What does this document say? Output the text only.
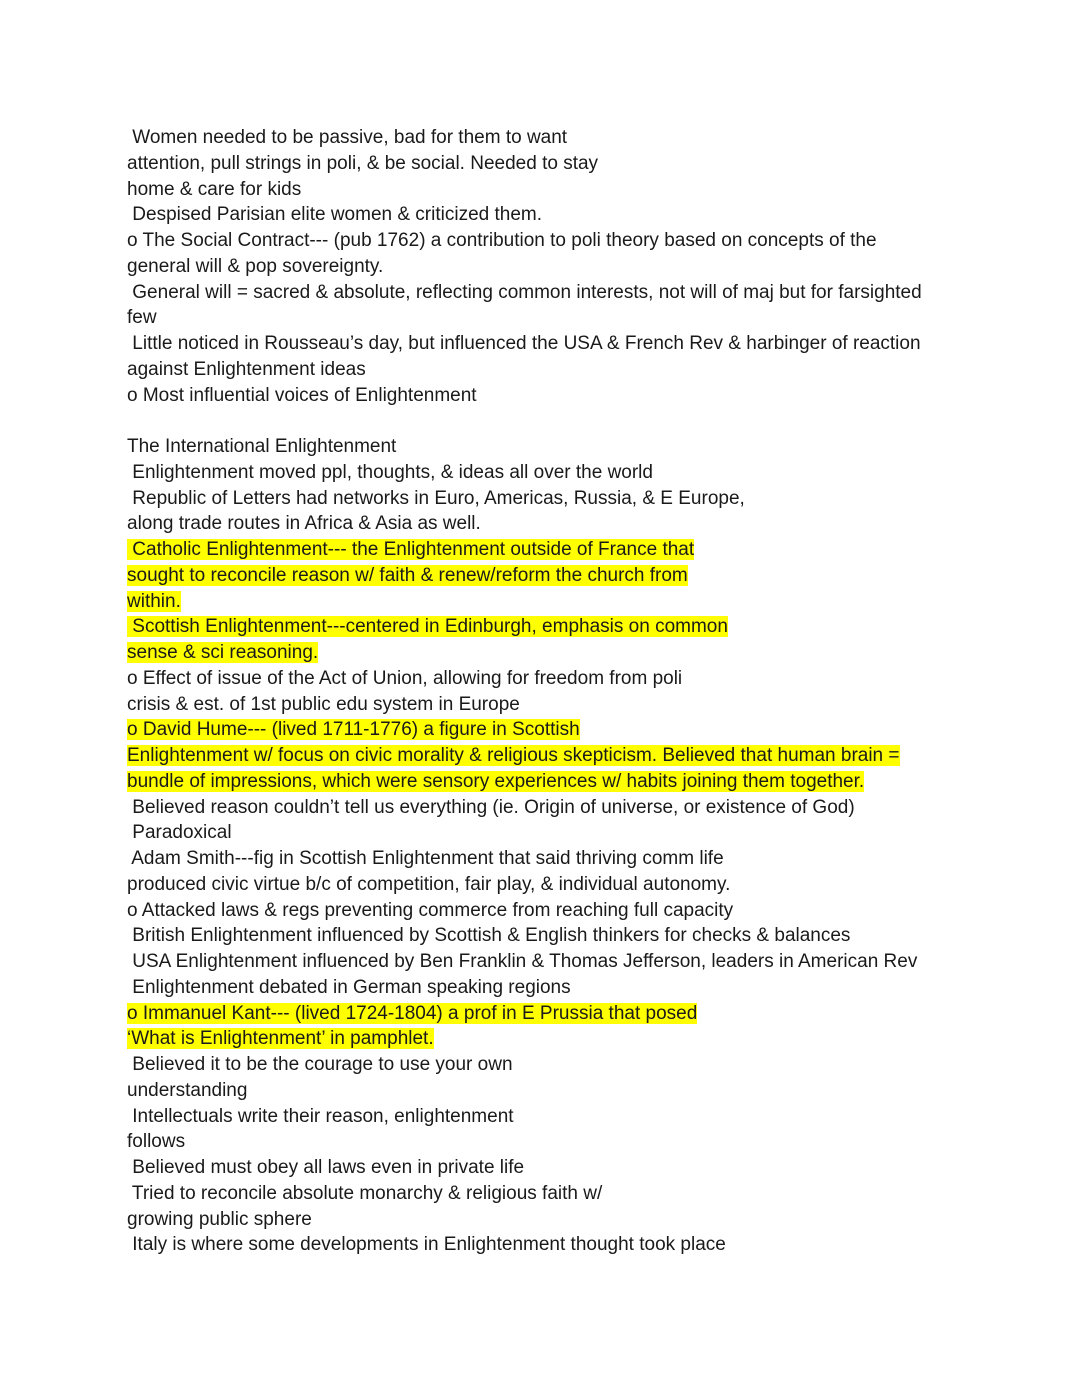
Women needed to be passive, bad for them to want
attention, pull strings in poli, & be social. Needed to stay
home & care for kids
Despised Parisian elite women & criticized them.
o The Social Contract--- (pub 1762) a contribution to poli theory based on concepts of the
general will & pop sovereignty.
General will = sacred & absolute, reflecting common interests, not will of maj but for farsighted
few
Little noticed in Rousseau’s day, but influenced the USA & French Rev & harbinger of reaction
against Enlightenment ideas
o Most influential voices of Enlightenment
The International Enlightenment
Enlightenment moved ppl, thoughts, & ideas all over the world
Republic of Letters had networks in Euro, Americas, Russia, & E Europe,
along trade routes in Africa & Asia as well.
Catholic Enlightenment--- the Enlightenment outside of France that
sought to reconcile reason w/ faith & renew/reform the church from
within.
Scottish Enlightenment---centered in Edinburgh, emphasis on common
sense & sci reasoning.
o Effect of issue of the Act of Union, allowing for freedom from poli
crisis & est. of 1st public edu system in Europe
o David Hume--- (lived 1711-1776) a figure in Scottish
Enlightenment w/ focus on civic morality & religious skepticism. Believed that human brain =
bundle of impressions, which were sensory experiences w/ habits joining them together.
Believed reason couldn’t tell us everything (ie. Origin of universe, or existence of God)
Paradoxical
Adam Smith---fig in Scottish Enlightenment that said thriving comm life
produced civic virtue b/c of competition, fair play, & individual autonomy.
o Attacked laws & regs preventing commerce from reaching full capacity
British Enlightenment influenced by Scottish & English thinkers for checks & balances
USA Enlightenment influenced by Ben Franklin & Thomas Jefferson, leaders in American Rev
Enlightenment debated in German speaking regions
o Immanuel Kant--- (lived 1724-1804) a prof in E Prussia that posed
‘What is Enlightenment’ in pamphlet.
Believed it to be the courage to use your own
understanding
Intellectuals write their reason, enlightenment
follows
Believed must obey all laws even in private life
Tried to reconcile absolute monarchy & religious faith w/
growing public sphere
Italy is where some developments in Enlightenment thought took place
